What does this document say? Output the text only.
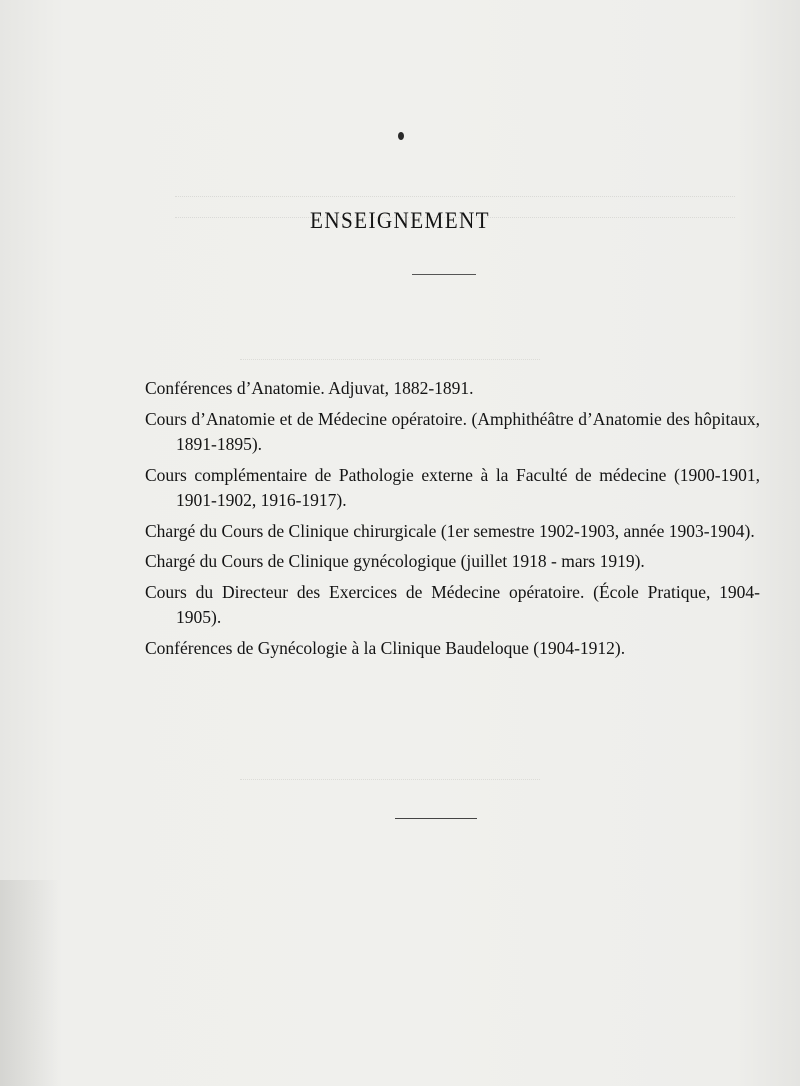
ENSEIGNEMENT

Conférences d’Anatomie. Adjuvat, 1882-1891.

Cours d’Anatomie et de Médecine opératoire. (Amphithéâtre d’Anatomie des hôpitaux, 1891-1895).

Cours complémentaire de Pathologie externe à la Faculté de médecine (1900-1901, 1901-1902, 1916-1917).

Chargé du Cours de Clinique chirurgicale (1er semestre 1902-1903, année 1903-1904).

Chargé du Cours de Clinique gynécologique (juillet 1918 - mars 1919).

Cours du Directeur des Exercices de Médecine opératoire. (École Pratique, 1904-1905).

Conférences de Gynécologie à la Clinique Baudeloque (1904-1912).
